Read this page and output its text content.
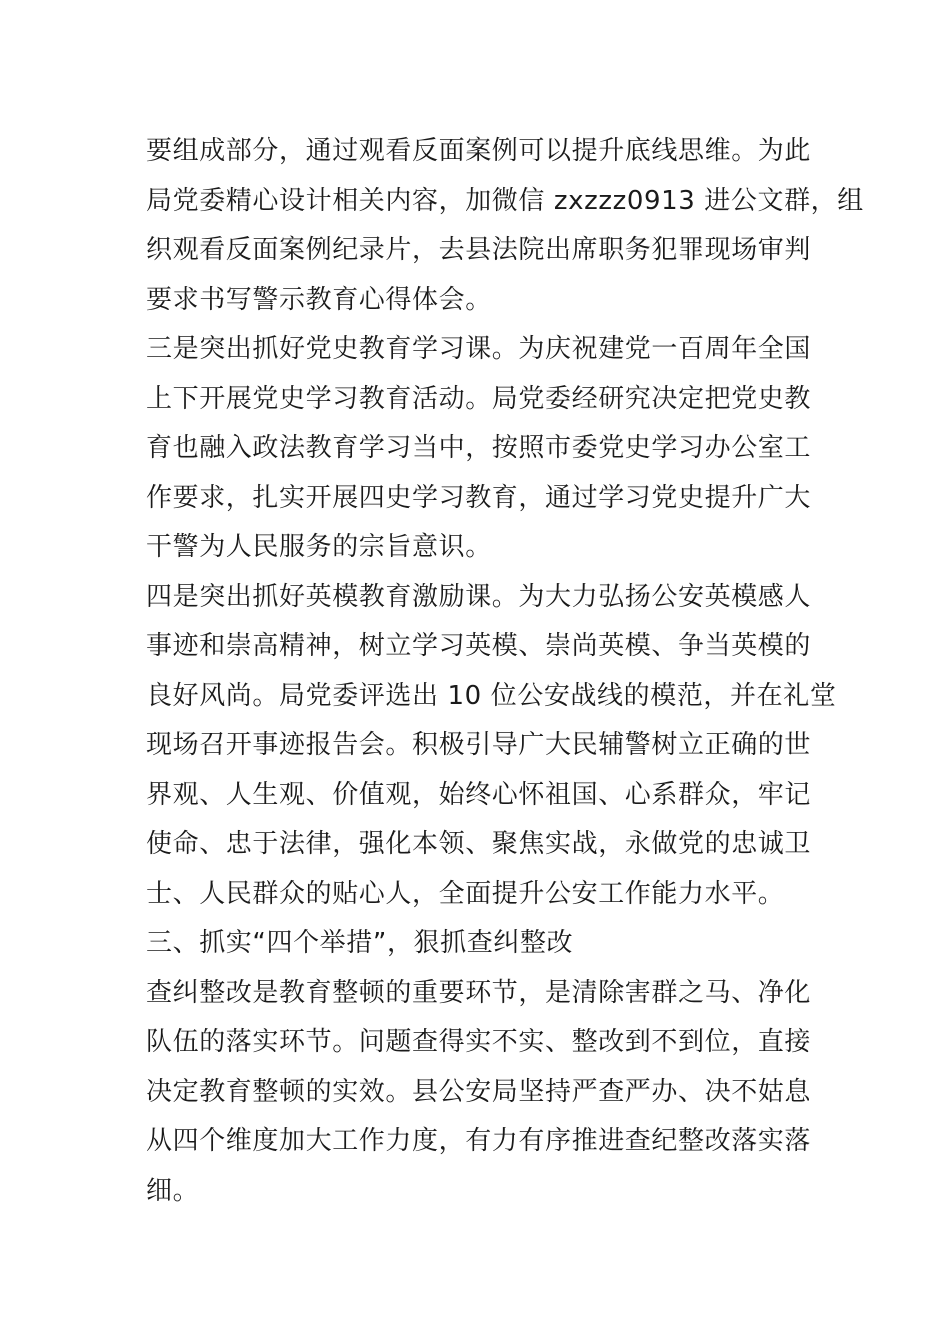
要组成部分，通过观看反面案例可以提升底线思维。为此
局党委精心设计相关内容，加微信 zxzzz0913 进公文群，组
织观看反面案例纪录片，去县法院出席职务犯罪现场审判
要求书写警示教育心得体会。
三是突出抓好党史教育学习课。为庆祝建党一百周年全国
上下开展党史学习教育活动。局党委经研究决定把党史教
育也融入政法教育学习当中，按照市委党史学习办公室工
作要求，扎实开展四史学习教育，通过学习党史提升广大
干警为人民服务的宗旨意识。
四是突出抓好英模教育激励课。为大力弘扬公安英模感人
事迹和崇高精神，树立学习英模、崇尚英模、争当英模的
良好风尚。局党委评选出 10 位公安战线的模范，并在礼堂
现场召开事迹报告会。积极引导广大民辅警树立正确的世
界观、人生观、价值观，始终心怀祖国、心系群众，牢记
使命、忠于法律，强化本领、聚焦实战，永做党的忠诚卫
士、人民群众的贴心人，全面提升公安工作能力水平。
三、抓实“四个举措”，狠抓查纠整改
查纠整改是教育整顿的重要环节，是清除害群之马、净化
队伍的落实环节。问题查得实不实、整改到不到位，直接
决定教育整顿的实效。县公安局坚持严查严办、决不姑息
从四个维度加大工作力度，有力有序推进查纪整改落实落
细。
